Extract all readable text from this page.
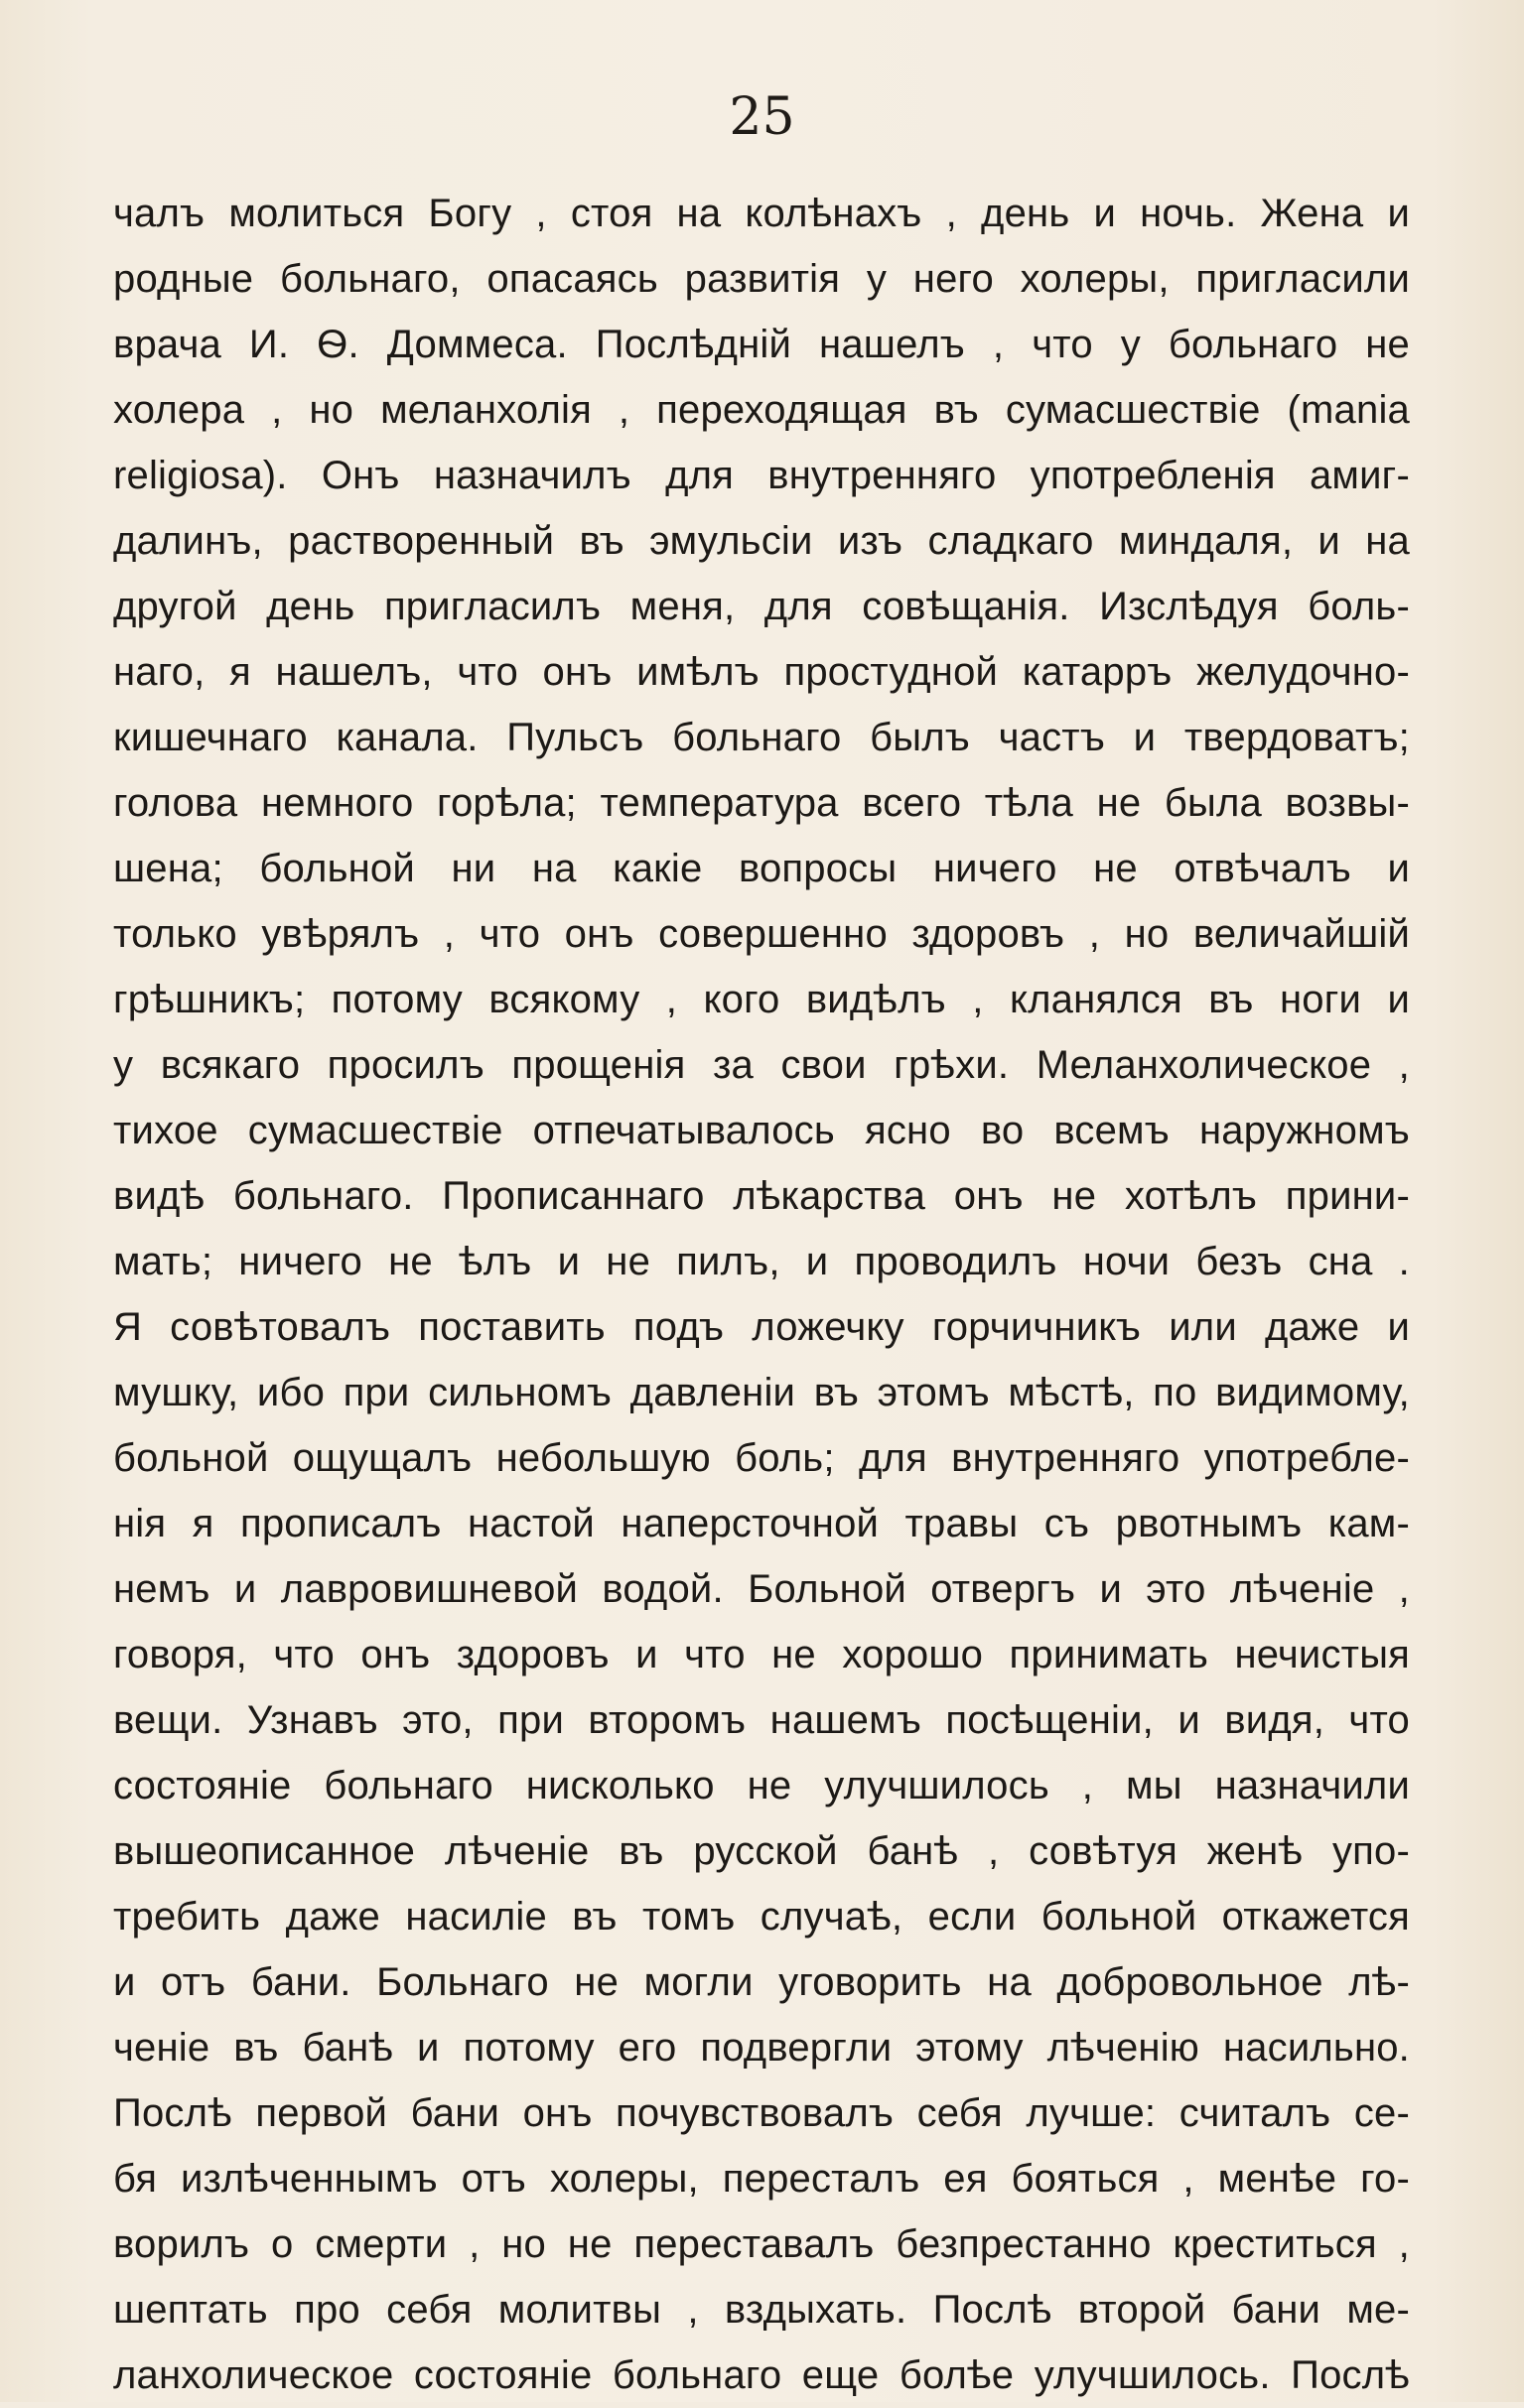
25
чалъ молиться Богу , стоя на колѣнахъ , день и ночь. Жена и
родные больнаго, опасаясь развитія у него холеры, пригласили
врача И. Ѳ. Доммеса. Послѣдній нашелъ , что у больнаго не
холера , но меланхолія , переходящая въ сумасшествіе (mania
religiosa). Онъ назначилъ для внутренняго употребленія амиг-
далинъ, растворенный въ эмульсіи изъ сладкаго миндаля, и на
другой день пригласилъ меня, для совѣщанія. Изслѣдуя боль-
наго, я нашелъ, что онъ имѣлъ простудной катарръ желудочно-
кишечнаго канала. Пульсъ больнаго былъ частъ и твердоватъ;
голова немного горѣла; температура всего тѣла не была возвы-
шена; больной ни на какіе вопросы ничего не отвѣчалъ и
только увѣрялъ , что онъ совершенно здоровъ , но величайшій
грѣшникъ; потому всякому , кого видѣлъ , кланялся въ ноги и
у всякаго просилъ прощенія за свои грѣхи. Меланхолическое ,
тихое сумасшествіе отпечатывалось ясно во всемъ наружномъ
видѣ больнаго. Прописаннаго лѣкарства онъ не хотѣлъ прини-
мать; ничего не ѣлъ и не пилъ, и проводилъ ночи безъ сна .
Я совѣтовалъ поставить подъ ложечку горчичникъ или даже и
мушку, ибо при сильномъ давленіи въ этомъ мѣстѣ, по видимому,
больной ощущалъ небольшую боль; для внутренняго употребле-
нія я прописалъ настой наперсточной травы съ рвотнымъ кам-
немъ и лавровишневой водой. Больной отвергъ и это лѣченіе ,
говоря, что онъ здоровъ и что не хорошо принимать нечистыя
вещи. Узнавъ это, при второмъ нашемъ посѣщеніи, и видя, что
состояніе больнаго нисколько не улучшилось , мы назначили
вышеописанное лѣченіе въ русской банѣ , совѣтуя женѣ упо-
требить даже насиліе въ томъ случаѣ, если больной откажется
и отъ бани. Больнаго не могли уговорить на добровольное лѣ-
ченіе въ банѣ и потому его подвергли этому лѣченію насильно.
Послѣ первой бани онъ почувствовалъ себя лучше: считалъ се-
бя излѣченнымъ отъ холеры, пересталъ ея бояться , менѣе го-
ворилъ о смерти , но не переставалъ безпрестанно креститься ,
шептать про себя молитвы , вздыхать. Послѣ второй бани ме-
ланхолическое состояніе больнаго еще болѣе улучшилось. Послѣ
